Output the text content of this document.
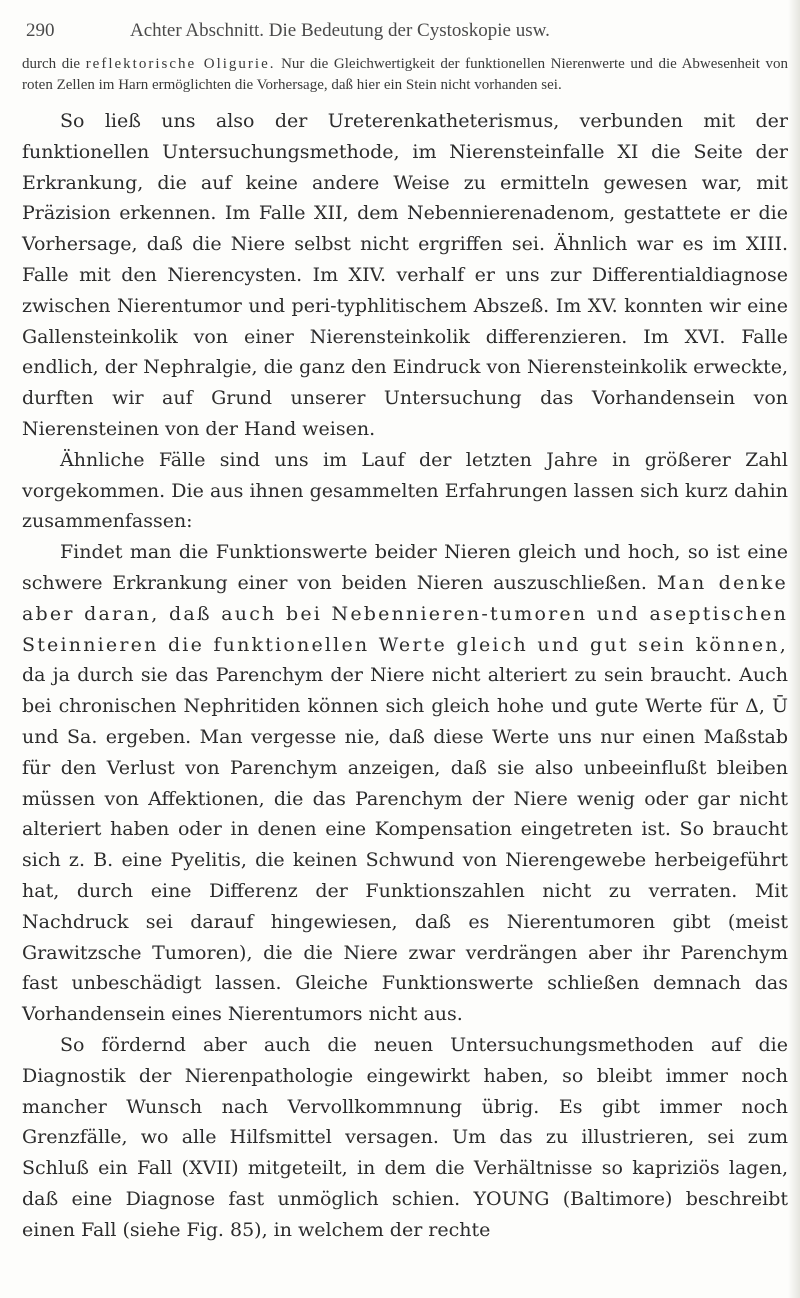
290	Achter Abschnitt. Die Bedeutung der Cystoskopie usw.

durch die reflektorische Oligurie. Nur die Gleichwertigkeit der funktionellen Nierenwerte und die Abwesenheit von roten Zellen im Harn ermöglichten die Vorhersage, daß hier ein Stein nicht vorhanden sei.

So ließ uns also der Ureterenkatheterismus, verbunden mit der funktionellen Untersuchungsmethode, im Nierensteinfalle XI die Seite der Erkrankung, die auf keine andere Weise zu ermitteln gewesen war, mit Präzision erkennen. Im Falle XII, dem Nebennierenadenom, gestattete er die Vorhersage, daß die Niere selbst nicht ergriffen sei. Ähnlich war es im XIII. Falle mit den Nierencysten. Im XIV. verhalf er uns zur Differentialdiagnose zwischen Nierentumor und peri-typhlitischem Abszeß. Im XV. konnten wir eine Gallensteinkolik von einer Nierensteinkolik differenzieren. Im XVI. Falle endlich, der Nephralgie, die ganz den Eindruck von Nierensteinkolik erweckte, durften wir auf Grund unserer Untersuchung das Vorhandensein von Nierensteinen von der Hand weisen.

Ähnliche Fälle sind uns im Lauf der letzten Jahre in größerer Zahl vorgekommen. Die aus ihnen gesammelten Erfahrungen lassen sich kurz dahin zusammenfassen:

Findet man die Funktionswerte beider Nieren gleich und hoch, so ist eine schwere Erkrankung einer von beiden Nieren auszuschließen. Man denke aber daran, daß auch bei Nebennieren-tumoren und aseptischen Steinnieren die funktionellen Werte gleich und gut sein können, da ja durch sie das Parenchym der Niere nicht alteriert zu sein braucht. Auch bei chronischen Nephritiden können sich gleich hohe und gute Werte für Δ, Ū und Sa. ergeben. Man vergesse nie, daß diese Werte uns nur einen Maßstab für den Verlust von Parenchym anzeigen, daß sie also unbeeinflußt bleiben müssen von Affektionen, die das Parenchym der Niere wenig oder gar nicht alteriert haben oder in denen eine Kompensation eingetreten ist. So braucht sich z. B. eine Pyelitis, die keinen Schwund von Nierengewebe herbeigeführt hat, durch eine Differenz der Funktionszahlen nicht zu verraten. Mit Nachdruck sei darauf hingewiesen, daß es Nierentumoren gibt (meist Grawitzsche Tumoren), die die Niere zwar verdrängen aber ihr Parenchym fast unbeschädigt lassen. Gleiche Funktionswerte schließen demnach das Vorhandensein eines Nierentumors nicht aus.

So fördernd aber auch die neuen Untersuchungsmethoden auf die Diagnostik der Nierenpathologie eingewirkt haben, so bleibt immer noch mancher Wunsch nach Vervollkommnung übrig. Es gibt immer noch Grenzfälle, wo alle Hilfsmittel versagen. Um das zu illustrieren, sei zum Schluß ein Fall (XVII) mitgeteilt, in dem die Verhältnisse so kapriziös lagen, daß eine Diagnose fast unmöglich schien. YOUNG (Baltimore) beschreibt einen Fall (siehe Fig. 85), in welchem der rechte
